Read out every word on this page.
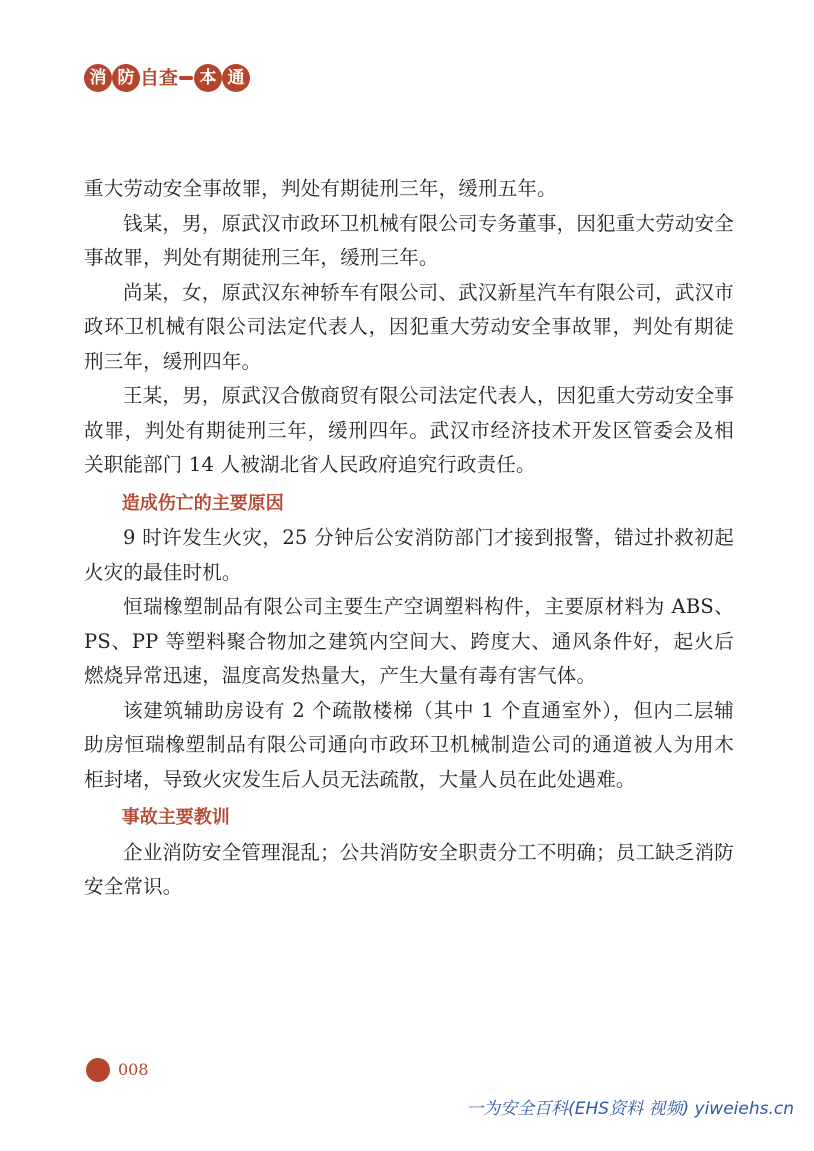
消 防 自 查	本 通

重大劳动安全事故罪，判处有期徒刑三年，缓刑五年。

钱某，男，原武汉市政环卫机械有限公司专务董事，因犯重大劳动安全事故罪，判处有期徒刑三年，缓刑三年。

尚某，女，原武汉东神轿车有限公司、武汉新星汽车有限公司，武汉市政环卫机械有限公司法定代表人，因犯重大劳动安全事故罪，判处有期徒刑三年，缓刑四年。

王某，男，原武汉合傲商贸有限公司法定代表人，因犯重大劳动安全事故罪，判处有期徒刑三年，缓刑四年。武汉市经济技术开发区管委会及相关职能部门 14 人被湖北省人民政府追究行政责任。

造成伤亡的主要原因

9 时许发生火灾，25 分钟后公安消防部门才接到报警，错过扑救初起火灾的最佳时机。

恒瑞橡塑制品有限公司主要生产空调塑料构件，主要原材料为 ABS、PS、PP 等塑料聚合物加之建筑内空间大、跨度大、通风条件好，起火后燃烧异常迅速，温度高发热量大，产生大量有毒有害气体。

该建筑辅助房设有 2 个疏散楼梯（其中 1 个直通室外），但内二层辅助房恒瑞橡塑制品有限公司通向市政环卫机械制造公司的通道被人为用木柜封堵，导致火灾发生后人员无法疏散，大量人员在此处遇难。

事故主要教训

企业消防安全管理混乱；公共消防安全职责分工不明确；员工缺乏消防安全常识。

008
一为安全百科(EHS资料 视频) yiweiehs.cn
